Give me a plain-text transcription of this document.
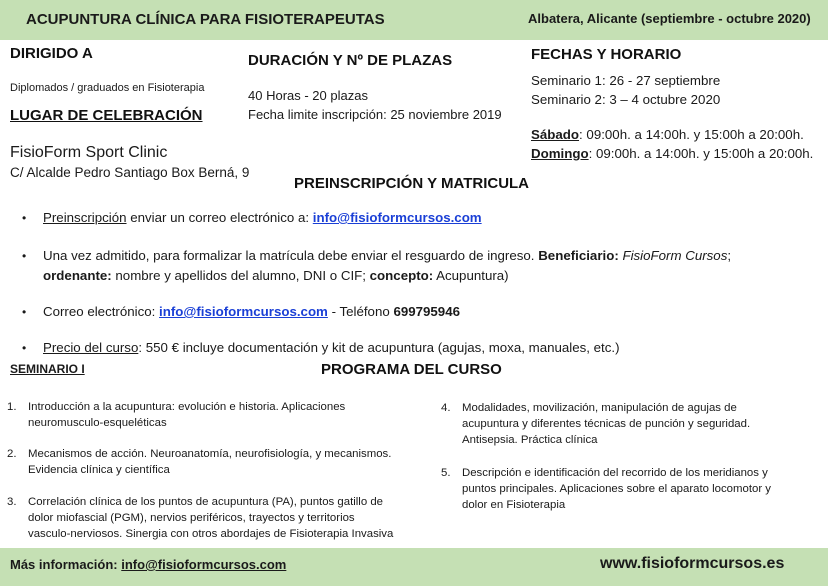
ACUPUNTURA CLÍNICA PARA FISIOTERAPEUTAS	Albatera, Alicante (septiembre - octubre 2020)
DIRIGIDO A
Diplomados / graduados en Fisioterapia
LUGAR DE CELEBRACIÓN
FisioForm Sport Clinic
C/ Alcalde Pedro Santiago Box Berná, 9
DURACIÓN Y Nº DE PLAZAS
40 Horas - 20 plazas
Fecha limite inscripción: 25 noviembre 2019
FECHAS Y HORARIO
Seminario 1: 26 - 27 septiembre
Seminario 2: 3 – 4 octubre 2020
Sábado: 09:00h. a 14:00h. y 15:00h a 20:00h.
Domingo: 09:00h. a 14:00h. y 15:00h a 20:00h.
PREINSCRIPCIÓN Y MATRICULA
• Preinscripción enviar un correo electrónico a: info@fisioformcursos.com
• Una vez admitido, para formalizar la matrícula debe enviar el resguardo de ingreso. Beneficiario: FisioForm Cursos;
ordenante: nombre y apellidos del alumno, DNI o CIF; concepto: Acupuntura)
• Correo electrónico: info@fisioformcursos.com - Teléfono 699795946
• Precio del curso: 550 € incluye documentación y kit de acupuntura (agujas, moxa, manuales, etc.)
SEMINARIO I	PROGRAMA DEL CURSO
1. Introducción a la acupuntura: evolución e historia. Aplicaciones
neuromusculo-esqueléticas
2. Mecanismos de acción. Neuroanatomía, neurofisiología, y mecanismos.
Evidencia clínica y científica
3. Correlación clínica de los puntos de acupuntura (PA), puntos gatillo de
dolor miofascial (PGM), nervios periféricos, trayectos y territorios
vasculo-nerviosos. Sinergia con otros abordajes de Fisioterapia Invasiva
4. Modalidades, movilización, manipulación de agujas de
acupuntura y diferentes técnicas de punción y seguridad.
Antisepsia. Práctica clínica
5. Descripción e identificación del recorrido de los meridianos y
puntos principales. Aplicaciones sobre el aparato locomotor y
dolor en Fisioterapia
Más información: info@fisioformcursos.com	www.fisioformcursos.es
